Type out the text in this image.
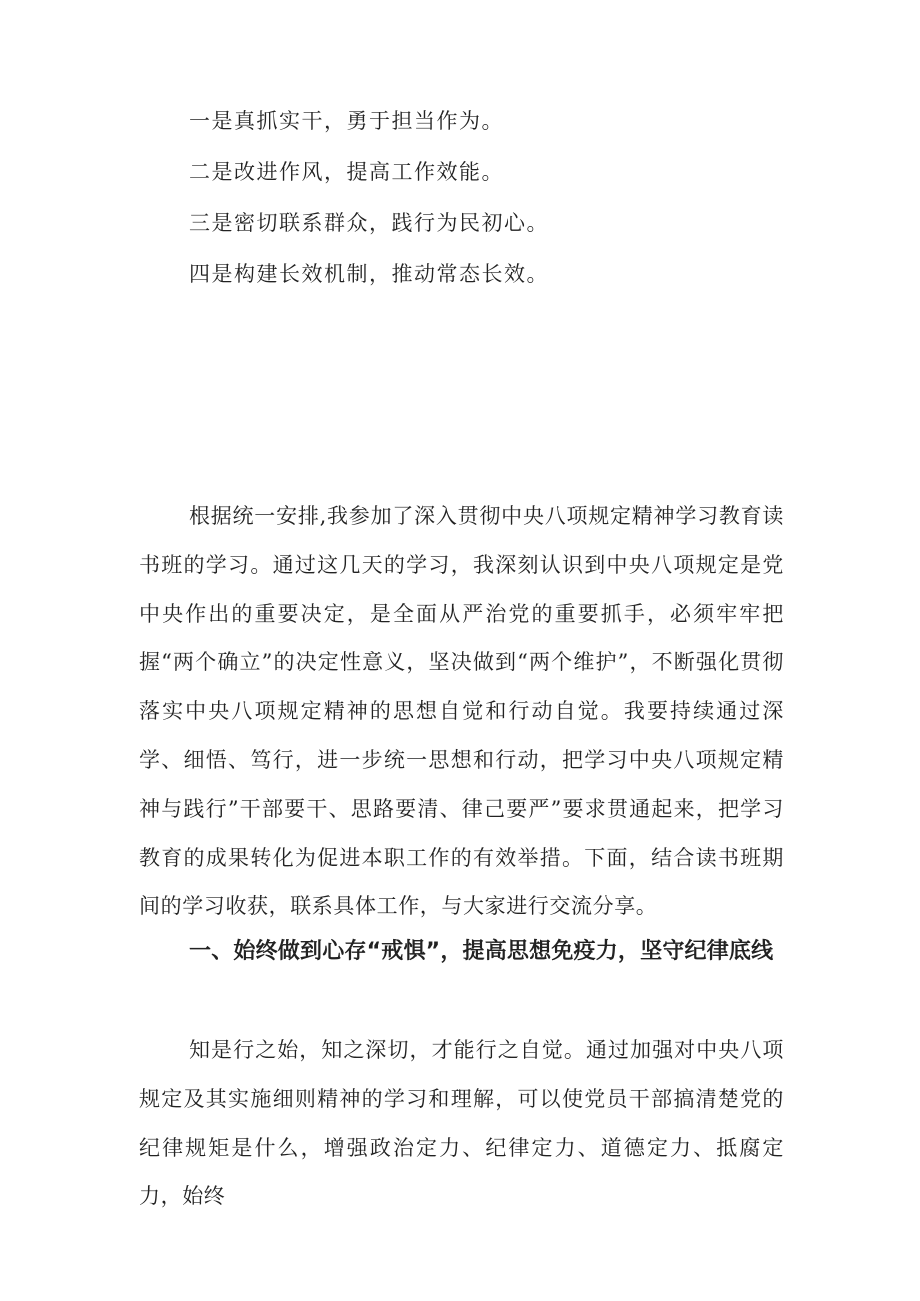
一是真抓实干，勇于担当作为。
二是改进作风，提高工作效能。
三是密切联系群众，践行为民初心。
四是构建长效机制，推动常态长效。

根据统一安排,我参加了深入贯彻中央八项规定精神学习教育读书班的学习。通过这几天的学习，我深刻认识到中央八项规定是党中央作出的重要决定，是全面从严治党的重要抓手，必须牢牢把握“两个确立”的决定性意义，坚决做到“两个维护”，不断强化贯彻落实中央八项规定精神的思想自觉和行动自觉。我要持续通过深学、细悟、笃行，进一步统一思想和行动，把学习中央八项规定精神与践行”干部要干、思路要清、律己要严”要求贯通起来，把学习教育的成果转化为促进本职工作的有效举措。下面，结合读书班期间的学习收获，联系具体工作，与大家进行交流分享。

一、始终做到心存“戒惧”，提高思想免疫力，坚守纪律底线

知是行之始，知之深切，才能行之自觉。通过加强对中央八项规定及其实施细则精神的学习和理解，可以使党员干部搞清楚党的纪律规矩是什么，增强政治定力、纪律定力、道德定力、抵腐定力，始终
